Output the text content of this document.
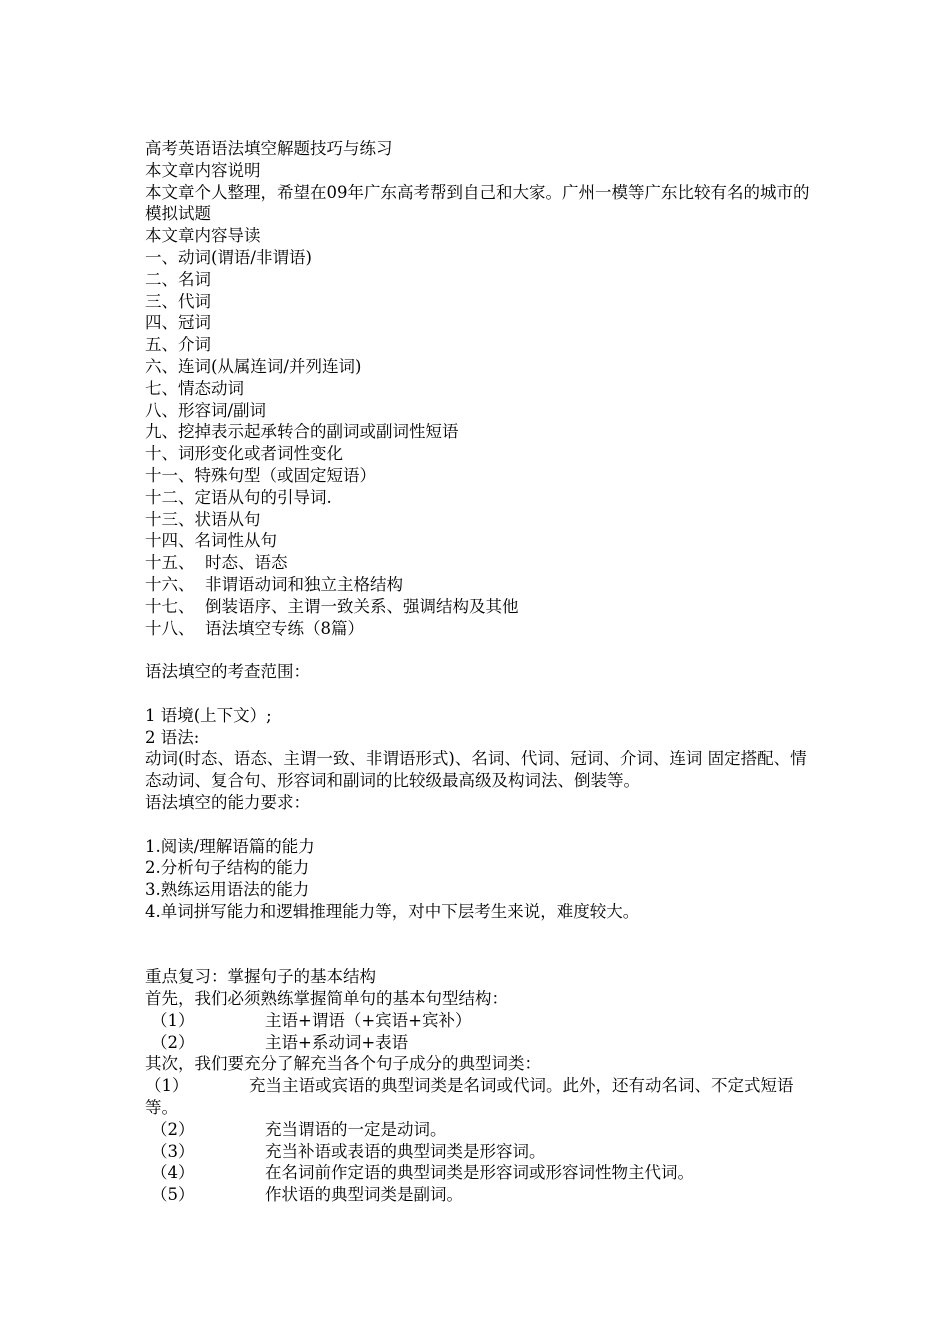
高考英语语法填空解题技巧与练习
本文章内容说明
本文章个人整理，希望在09年广东高考帮到自己和大家。广州一模等广东比较有名的城市的模拟试题
本文章内容导读
一、动词(谓语/非谓语)
二、名词
三、代词
四、冠词
五、介词
六、连词(从属连词/并列连词)
七、情态动词
八、形容词/副词
九、挖掉表示起承转合的副词或副词性短语
十、词形变化或者词性变化
十一、特殊句型（或固定短语）
十二、定语从句的引导词.
十三、状语从句
十四、名词性从句
十五、  时态、语态
十六、  非谓语动词和独立主格结构
十七、  倒装语序、主谓一致关系、强调结构及其他
十八、  语法填空专练（8篇）
语法填空的考查范围：
1 语境(上下文）;
2 语法:
动词(时态、语态、主谓一致、非谓语形式)、名词、代词、冠词、介词、连词 固定搭配、情态动词、复合句、形容词和副词的比较级最高级及构词法、倒装等。
语法填空的能力要求：
1.阅读/理解语篇的能力
2.分析句子结构的能力
3.熟练运用语法的能力
4.单词拼写能力和逻辑推理能力等，对中下层考生来说，难度较大。
重点复习：掌握句子的基本结构
首先，我们必须熟练掌握简单句的基本句型结构：
（1）	主语+谓语（+宾语+宾补）
（2）	主语+系动词+表语
其次，我们要充分了解充当各个句子成分的典型词类：
（1）	充当主语或宾语的典型词类是名词或代词。此外，还有动名词、不定式短语等。
（2）	充当谓语的一定是动词。
（3）	充当补语或表语的典型词类是形容词。
（4）	在名词前作定语的典型词类是形容词或形容词性物主代词。
（5）	作状语的典型词类是副词。
